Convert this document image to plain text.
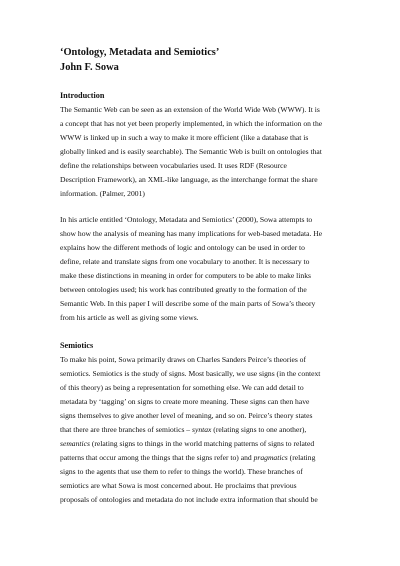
‘Ontology, Metadata and Semiotics’
John F. Sowa
Introduction

The Semantic Web can be seen as an extension of the World Wide Web (WWW). It is
a concept that has not yet been properly implemented, in which the information on the
WWW is linked up in such a way to make it more efficient (like a database that is
globally linked and is easily searchable). The Semantic Web is built on ontologies that
define the relationships between vocabularies used. It uses RDF (Resource
Description Framework), an XML-like language, as the interchange format the share
information. (Palmer, 2001)

In his article entitled ‘Ontology, Metadata and Semiotics’ (2000), Sowa attempts to
show how the analysis of meaning has many implications for web-based metadata. He
explains how the different methods of logic and ontology can be used in order to
define, relate and translate signs from one vocabulary to another. It is necessary to
make these distinctions in meaning in order for computers to be able to make links
between ontologies used; his work has contributed greatly to the formation of the
Semantic Web. In this paper I will describe some of the main parts of Sowa’s theory
from his article as well as giving some views.

Semiotics

To make his point, Sowa primarily draws on Charles Sanders Peirce’s theories of
semiotics. Semiotics is the study of signs. Most basically, we use signs (in the context
of this theory) as being a representation for something else. We can add detail to
metadata by ‘tagging’ on signs to create more meaning. These signs can then have
signs themselves to give another level of meaning, and so on. Peirce’s theory states
that there are three branches of semiotics – syntax (relating signs to one another),
semantics (relating signs to things in the world matching patterns of signs to related
patterns that occur among the things that the signs refer to) and pragmatics (relating
signs to the agents that use them to refer to things the world). These branches of
semiotics are what Sowa is most concerned about. He proclaims that previous
proposals of ontologies and metadata do not include extra information that should be
